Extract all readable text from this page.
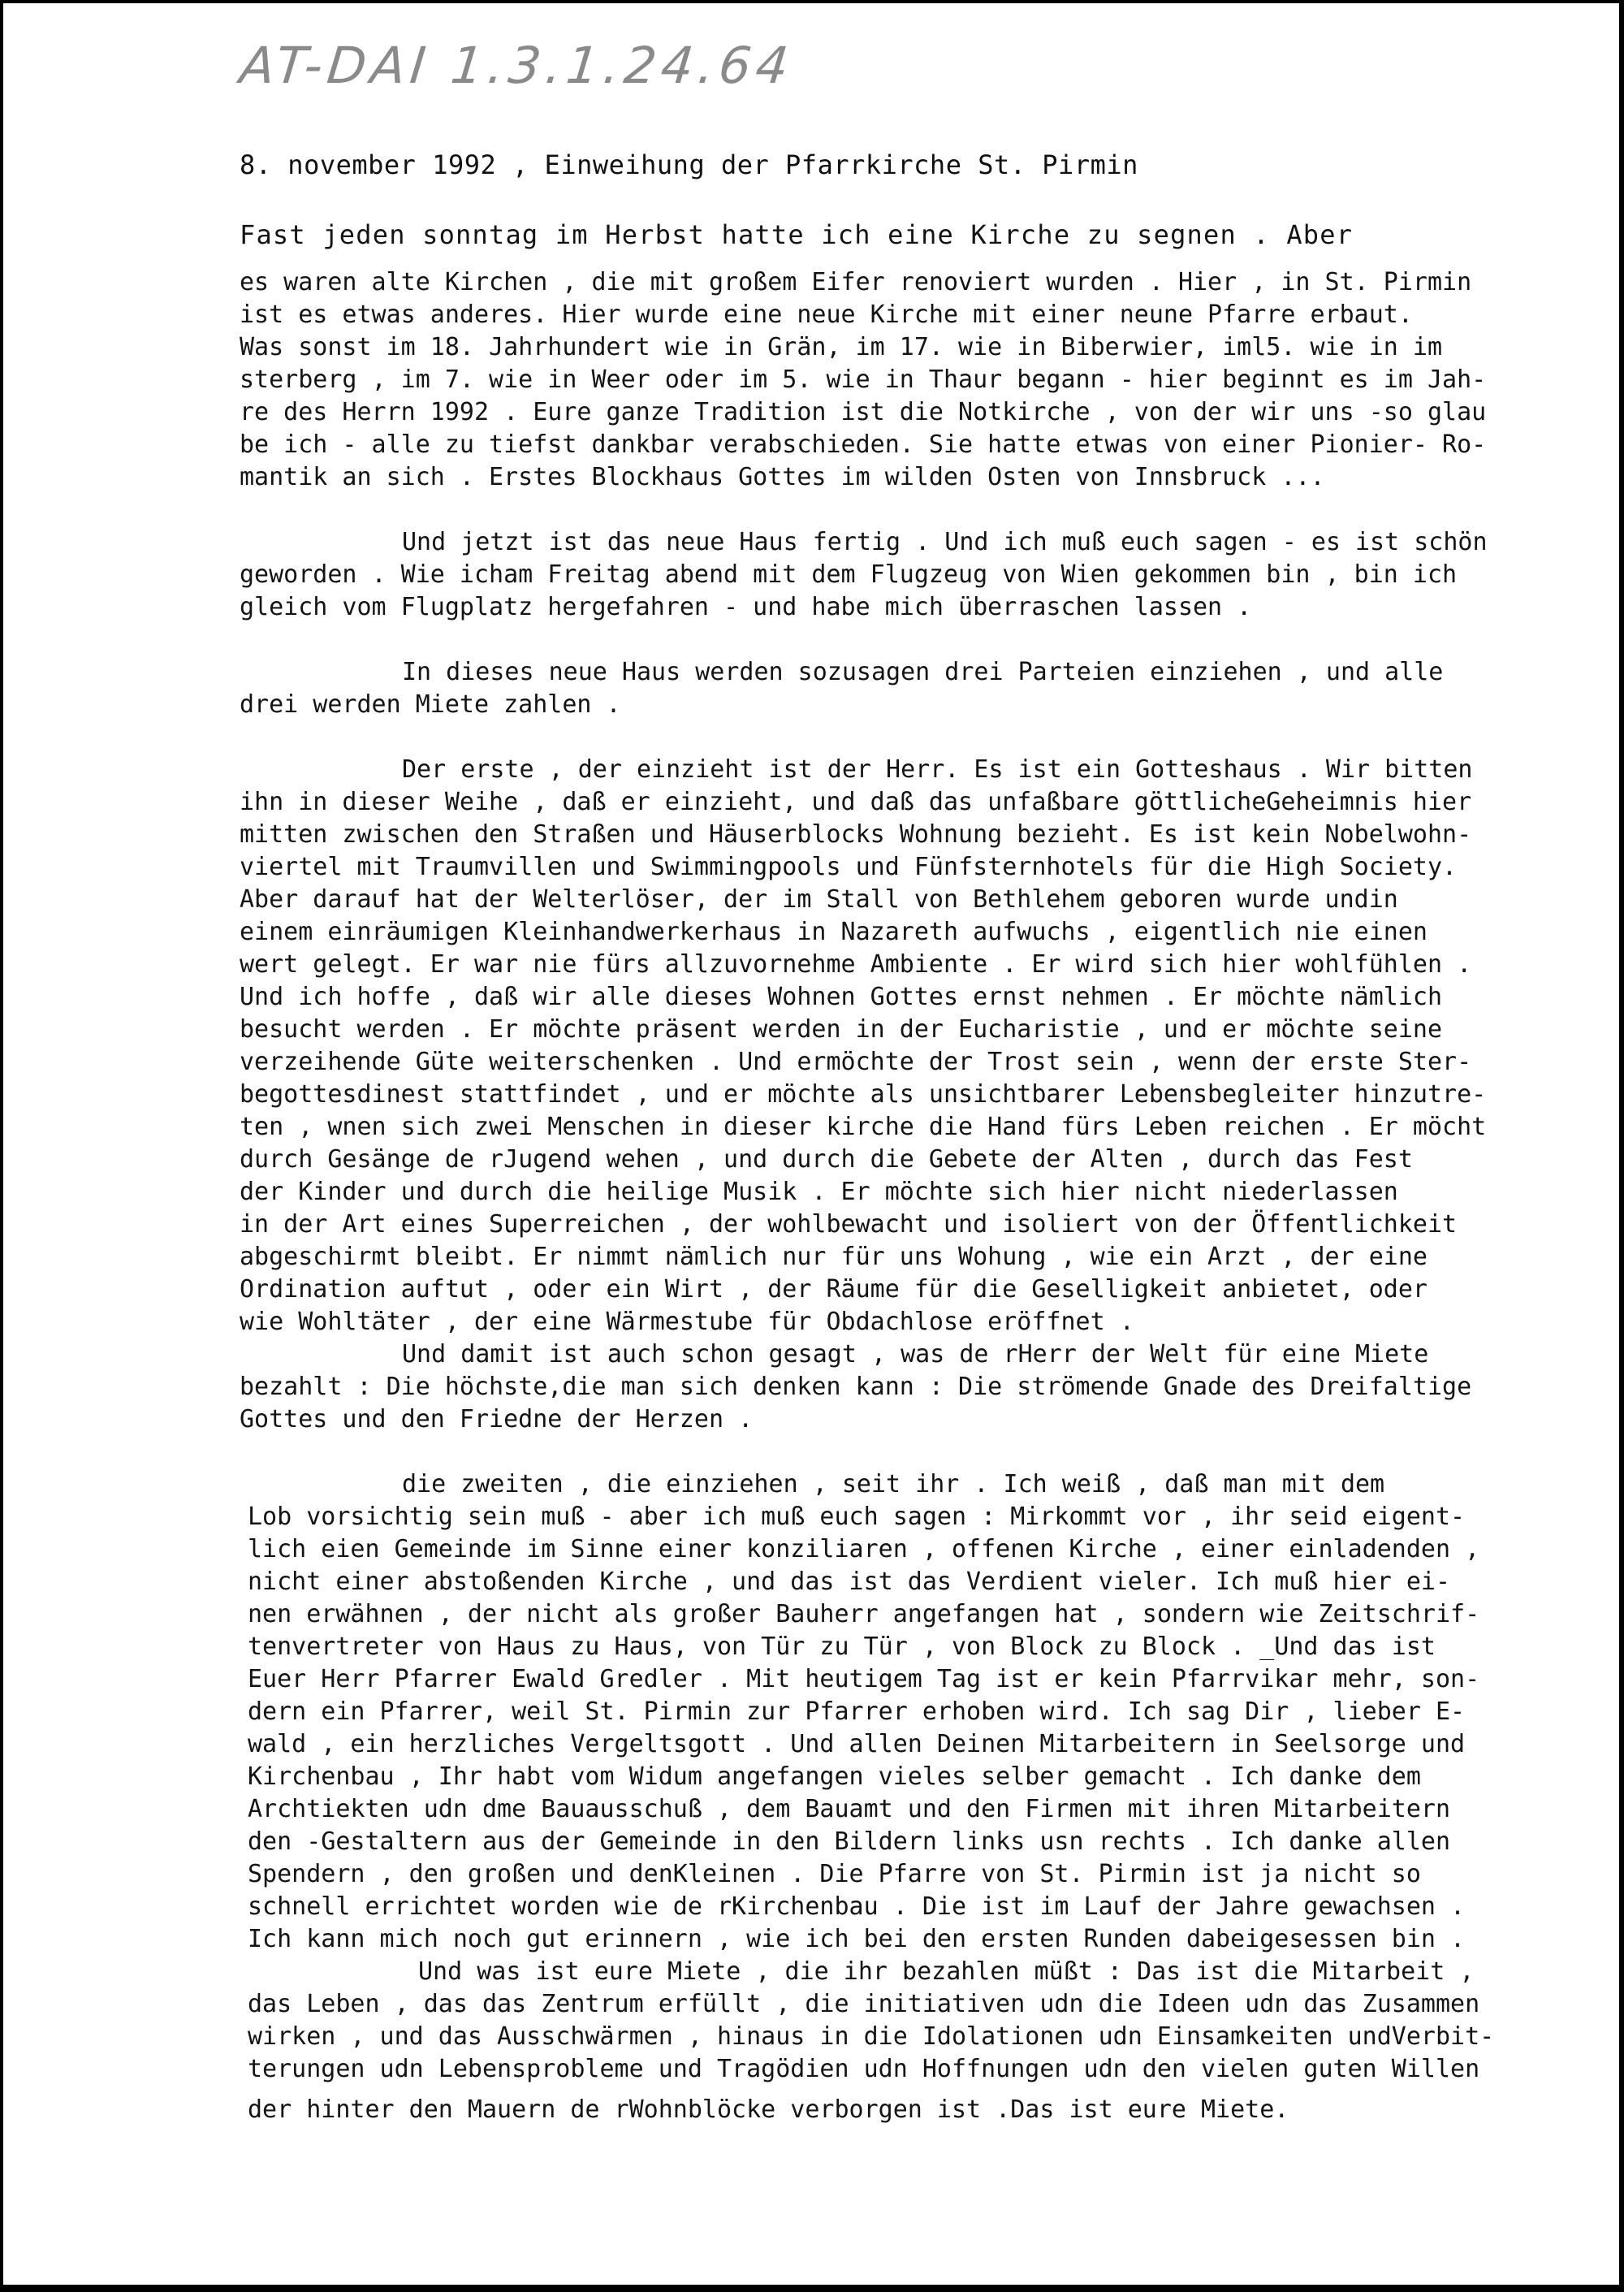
AT-DAI 1.3.1.24.64
8. november 1992 , Einweihung der Pfarrkirche St. Pirmin
Fast jeden sonntag im Herbst hatte ich eine Kirche zu segnen . Aber
es waren alte Kirchen , die mit großem Eifer renoviert wurden . Hier , in St. Pirmin
ist es etwas anderes. Hier wurde eine neue Kirche mit einer neune Pfarre erbaut.
Was sonst im 18. Jahrhundert wie in Grän, im 17. wie in Biberwier, iml5. wie in im
sterberg , im 7. wie in Weer oder im 5. wie in Thaur begann - hier beginnt es im Jah-
re des Herrn 1992 . Eure ganze Tradition ist die Notkirche , von der wir uns -so glau
be ich - alle zu tiefst dankbar verabschieden. Sie hatte etwas von einer Pionier- Ro-
mantik an sich . Erstes Blockhaus Gottes im wilden Osten von Innsbruck ...
Und jetzt ist das neue Haus fertig . Und ich muß euch sagen - es ist schön
geworden . Wie icham Freitag abend mit dem Flugzeug von Wien gekommen bin , bin ich
gleich vom Flugplatz hergefahren - und habe mich überraschen lassen .
In dieses neue Haus werden sozusagen drei Parteien einziehen , und alle
drei werden Miete zahlen .
Der erste , der einzieht ist der Herr. Es ist ein Gotteshaus . Wir bitten
ihn in dieser Weihe , daß er einzieht, und daß das unfaßbare göttlicheGeheimnis hier
mitten zwischen den Straßen und Häuserblocks Wohnung bezieht. Es ist kein Nobelwohn-
viertel mit Traumvillen und Swimmingpools und Fünfsternhotels für die High Society.
Aber darauf hat der Welterlöser, der im Stall von Bethlehem geboren wurde undin
einem einräumigen Kleinhandwerkerhaus in Nazareth aufwuchs , eigentlich nie einen
wert gelegt. Er war nie fürs allzuvornehme Ambiente . Er wird sich hier wohlfühlen .
Und ich hoffe , daß wir alle dieses Wohnen Gottes ernst nehmen . Er möchte nämlich
besucht werden . Er möchte präsent werden in der Eucharistie , und er möchte seine
verzeihende Güte weiterschenken . Und ermöchte der Trost sein , wenn der erste Ster-
begottesdinest stattfindet , und er möchte als unsichtbarer Lebensbegleiter hinzutre-
ten , wnen sich zwei Menschen in dieser kirche die Hand fürs Leben reichen . Er möcht
durch Gesänge de rJugend wehen , und durch die Gebete der Alten , durch das Fest
der Kinder und durch die heilige Musik . Er möchte sich hier nicht niederlassen
in der Art eines Superreichen , der wohlbewacht und isoliert von der Öffentlichkeit
abgeschirmt bleibt. Er nimmt nämlich nur für uns Wohung , wie ein Arzt , der eine
Ordination auftut , oder ein Wirt , der Räume für die Geselligkeit anbietet, oder
wie Wohltäter , der eine Wärmestube für Obdachlose eröffnet .
Und damit ist auch schon gesagt , was de rHerr der Welt für eine Miete
bezahlt : Die höchste,die man sich denken kann : Die strömende Gnade des Dreifaltige
Gottes und den Friedne der Herzen .
die zweiten , die einziehen , seit ihr . Ich weiß , daß man mit dem
Lob vorsichtig sein muß - aber ich muß euch sagen : Mirkommt vor , ihr seid eigent-
lich eien Gemeinde im Sinne einer konziliaren , offenen Kirche , einer einladenden ,
nicht einer abstoßenden Kirche , und das ist das Verdient vieler. Ich muß hier ei-
nen erwähnen , der nicht als großer Bauherr angefangen hat , sondern wie Zeitschrif-
tenvertreter von Haus zu Haus, von Tür zu Tür , von Block zu Block . _Und das ist
Euer Herr Pfarrer Ewald Gredler . Mit heutigem Tag ist er kein Pfarrvikar mehr, son-
dern ein Pfarrer, weil St. Pirmin zur Pfarrer erhoben wird. Ich sag Dir , lieber E-
wald , ein herzliches Vergeltsgott . Und allen Deinen Mitarbeitern in Seelsorge und
Kirchenbau , Ihr habt vom Widum angefangen vieles selber gemacht . Ich danke dem
Archtiekten udn dme Bauausschuß , dem Bauamt und den Firmen mit ihren Mitarbeitern
den -Gestaltern aus der Gemeinde in den Bildern links usn rechts . Ich danke allen
Spendern , den großen und denKleinen . Die Pfarre von St. Pirmin ist ja nicht so
schnell errichtet worden wie de rKirchenbau . Die ist im Lauf der Jahre gewachsen .
Ich kann mich noch gut erinnern , wie ich bei den ersten Runden dabeigesessen bin .
Und was ist eure Miete , die ihr bezahlen müßt : Das ist die Mitarbeit ,
das Leben , das das Zentrum erfüllt , die initiativen udn die Ideen udn das Zusammen
wirken , und das Ausschwärmen , hinaus in die Idolationen udn Einsamkeiten undVerbit-
terungen udn Lebensprobleme und Tragödien udn Hoffnungen udn den vielen guten Willen
der hinter den Mauern de rWohnblöcke verborgen ist .Das ist eure Miete.
